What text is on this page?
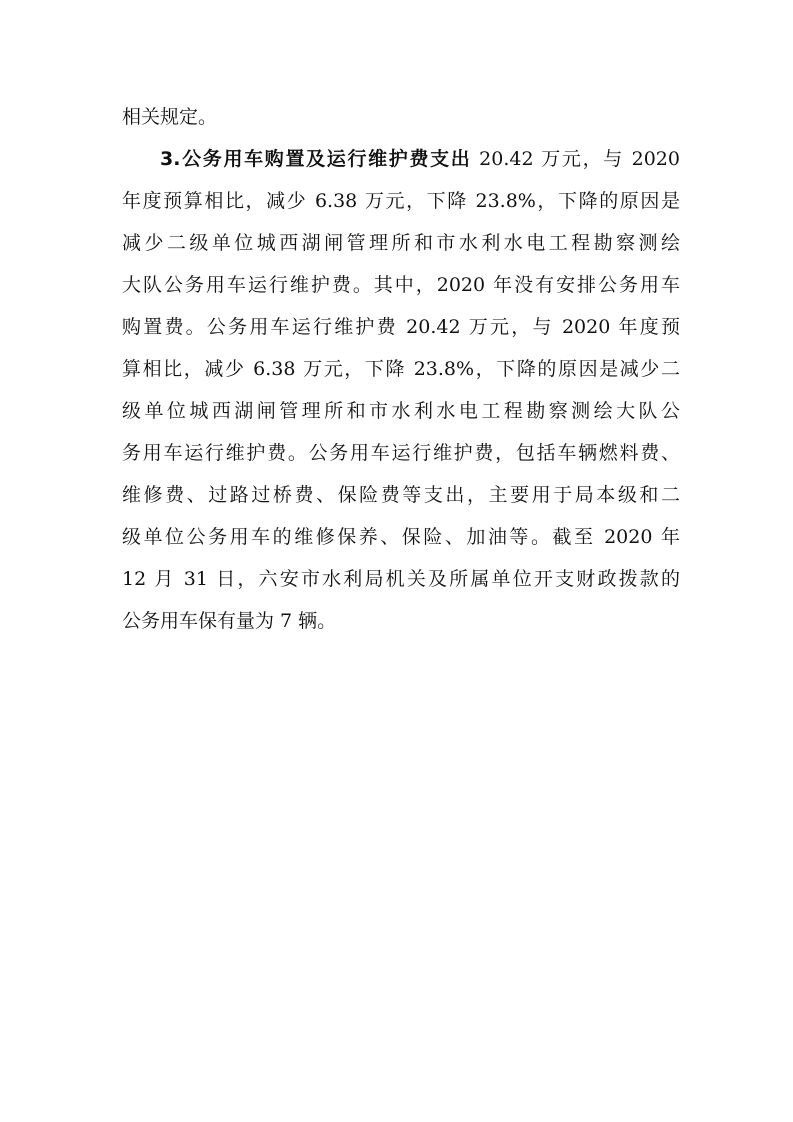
相关规定。
3.公务用车购置及运行维护费支出 20.42 万元，与 2020
年度预算相比，减少 6.38 万元，下降 23.8%，下降的原因是
减少二级单位城西湖闸管理所和市水利水电工程勘察测绘
大队公务用车运行维护费。其中，2020 年没有安排公务用车
购置费。公务用车运行维护费 20.42 万元，与 2020 年度预
算相比，减少 6.38 万元，下降 23.8%，下降的原因是减少二
级单位城西湖闸管理所和市水利水电工程勘察测绘大队公
务用车运行维护费。公务用车运行维护费，包括车辆燃料费、
维修费、过路过桥费、保险费等支出，主要用于局本级和二
级单位公务用车的维修保养、保险、加油等。截至 2020 年
12 月 31 日，六安市水利局机关及所属单位开支财政拨款的
公务用车保有量为 7 辆。
